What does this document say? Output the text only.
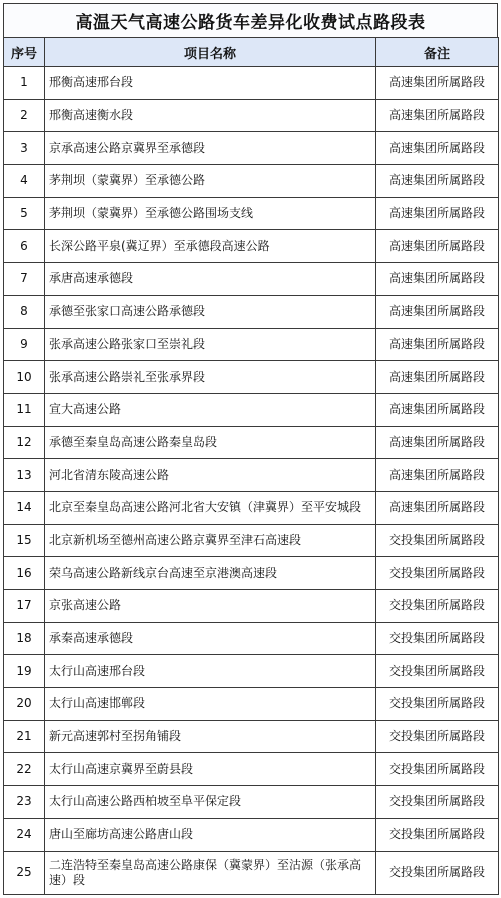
高温天气高速公路货车差异化收费试点路段表
序号	项目名称	备注
1	邢衡高速邢台段	高速集团所属路段
2	邢衡高速衡水段	高速集团所属路段
3	京承高速公路京冀界至承德段	高速集团所属路段
4	茅荆坝（蒙冀界）至承德公路	高速集团所属路段
5	茅荆坝（蒙冀界）至承德公路围场支线	高速集团所属路段
6	长深公路平泉(冀辽界）至承德段高速公路	高速集团所属路段
7	承唐高速承德段	高速集团所属路段
8	承德至张家口高速公路承德段	高速集团所属路段
9	张承高速公路张家口至崇礼段	高速集团所属路段
10	张承高速公路崇礼至张承界段	高速集团所属路段
11	宣大高速公路	高速集团所属路段
12	承德至秦皇岛高速公路秦皇岛段	高速集团所属路段
13	河北省清东陵高速公路	高速集团所属路段
14	北京至秦皇岛高速公路河北省大安镇（津冀界）至平安城段	高速集团所属路段
15	北京新机场至德州高速公路京冀界至津石高速段	交投集团所属路段
16	荣乌高速公路新线京台高速至京港澳高速段	交投集团所属路段
17	京张高速公路	交投集团所属路段
18	承秦高速承德段	交投集团所属路段
19	太行山高速邢台段	交投集团所属路段
20	太行山高速邯郸段	交投集团所属路段
21	新元高速郭村至拐角铺段	交投集团所属路段
22	太行山高速京冀界至蔚县段	交投集团所属路段
23	太行山高速公路西柏坡至阜平保定段	交投集团所属路段
24	唐山至廊坊高速公路唐山段	交投集团所属路段
25	二连浩特至秦皇岛高速公路康保（冀蒙界）至沽源（张承高速）段	交投集团所属路段
